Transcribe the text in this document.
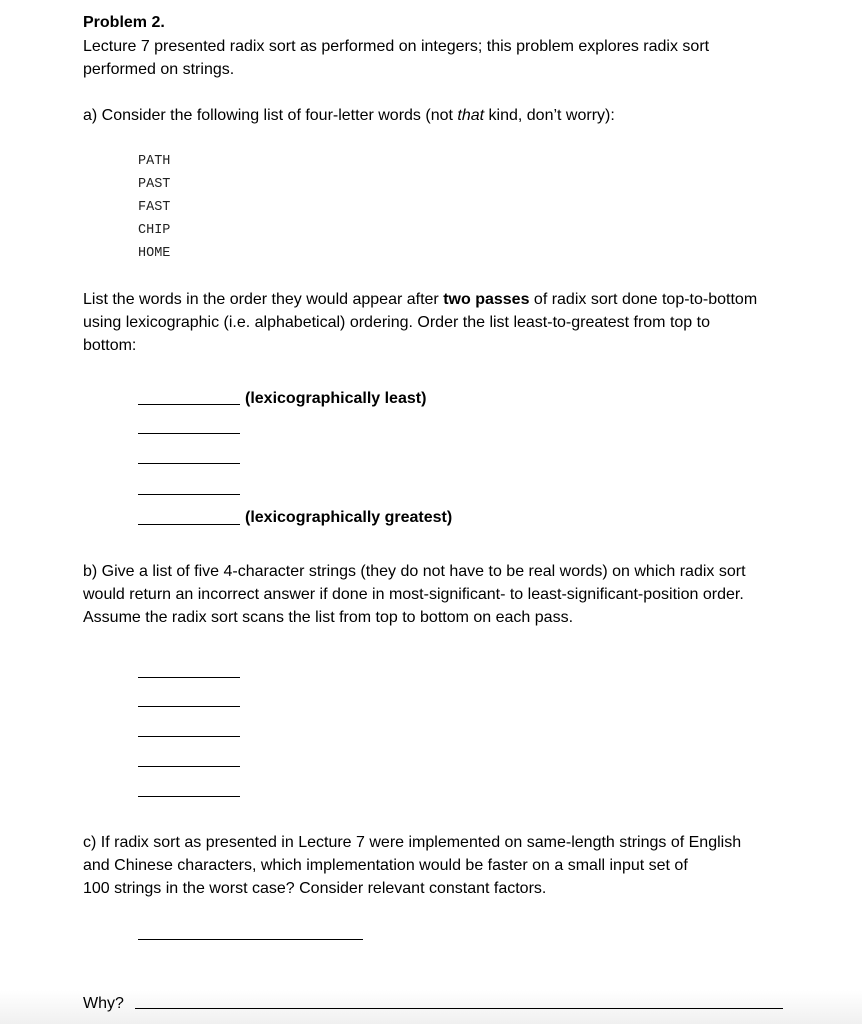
Problem 2.
Lecture 7 presented radix sort as performed on integers; this problem explores radix sort
performed on strings.
a) Consider the following list of four-letter words (not that kind, don’t worry):
PATH
PAST
FAST
CHIP
HOME
List the words in the order they would appear after two passes of radix sort done top-to-bottom
using lexicographic (i.e. alphabetical) ordering. Order the list least-to-greatest from top to
bottom:
(lexicographically least)
(lexicographically greatest)
b) Give a list of five 4-character strings (they do not have to be real words) on which radix sort
would return an incorrect answer if done in most-significant- to least-significant-position order.
Assume the radix sort scans the list from top to bottom on each pass.
c) If radix sort as presented in Lecture 7 were implemented on same-length strings of English
and Chinese characters, which implementation would be faster on a small input set of
100 strings in the worst case? Consider relevant constant factors.
Why?
